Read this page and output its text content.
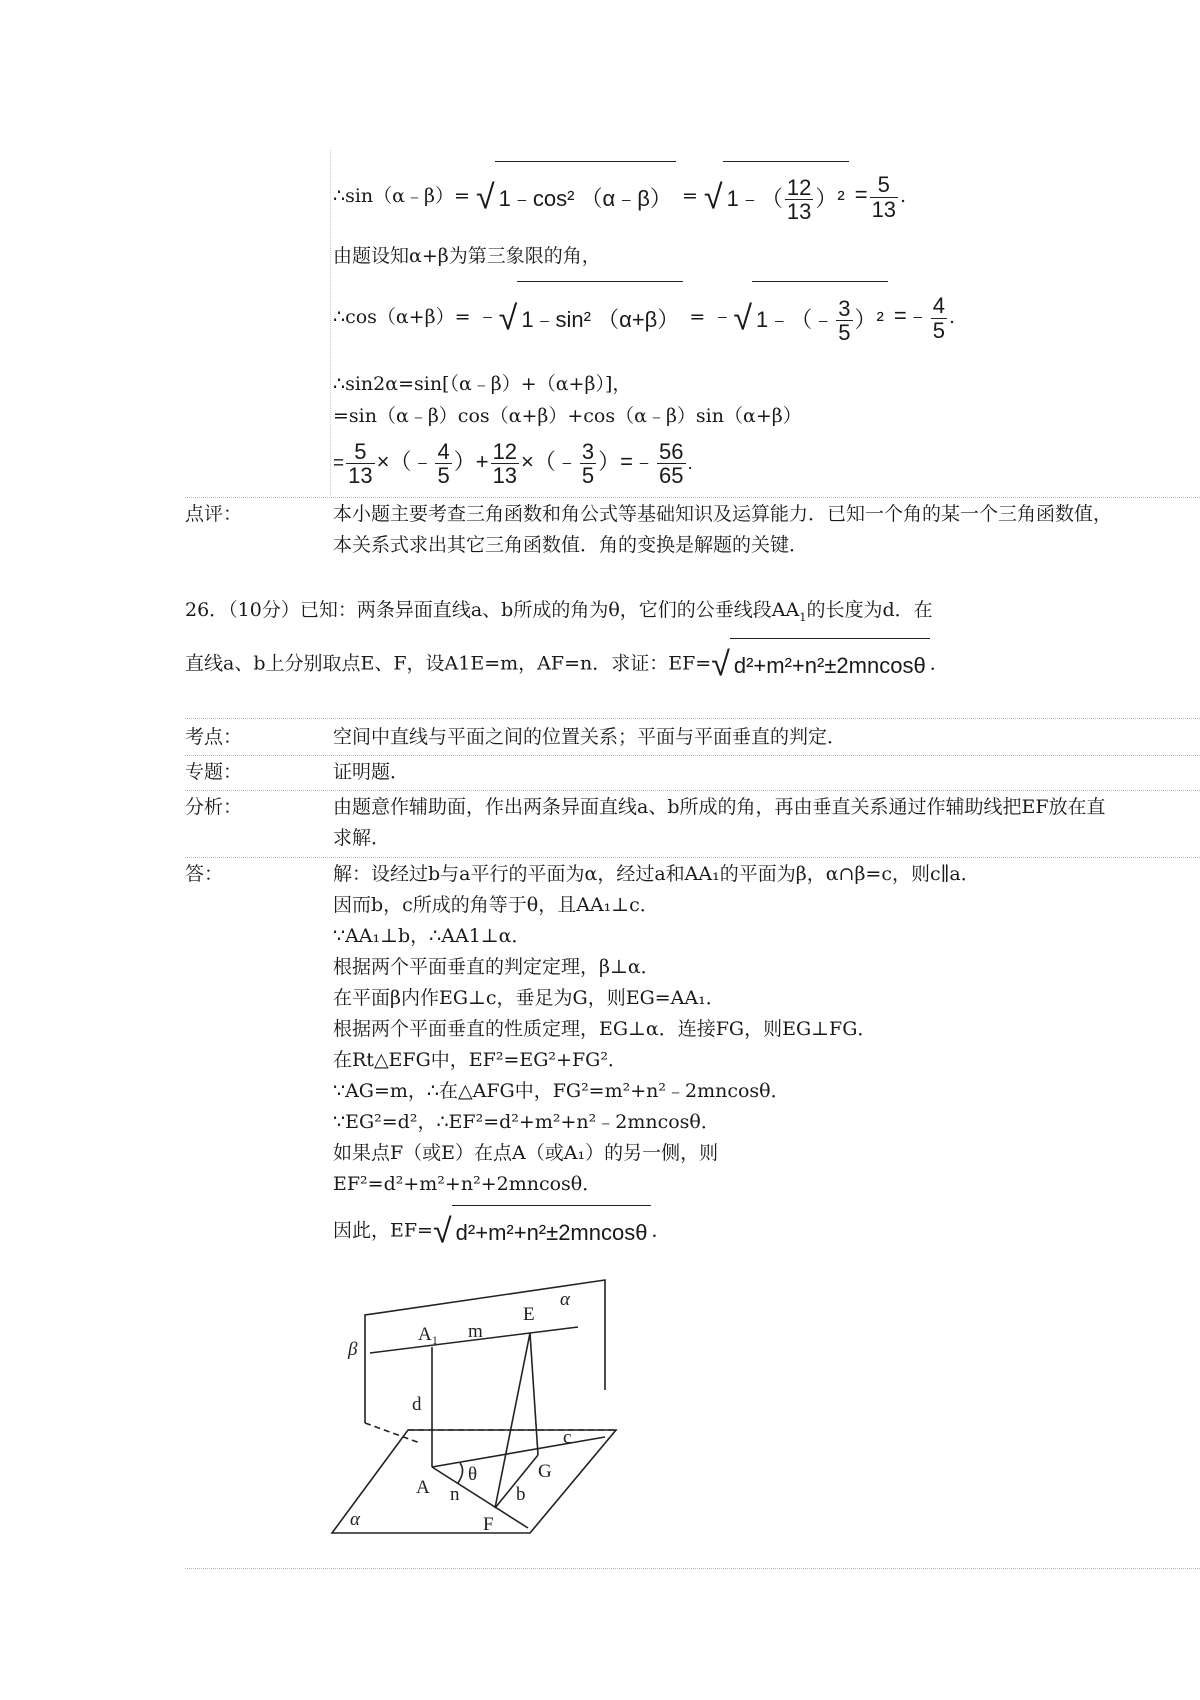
∴sin（α﹣β）= √ 1﹣cos² （α﹣β） = √ 1﹣（ $\frac{12}{13} )^2 = \frac{5}{13}$ .
由题设知α+β为第三象限的角，
∴cos（α+β）= ﹣√ 1﹣sin² （α+β） = ﹣√ 1﹣（﹣ $\frac{3}{5} )^2$ =﹣ $\frac{4}{5}$ .
∴sin2α=sin[（α﹣β）+（α+β）]，
=sin（α﹣β）cos（α+β）+cos（α﹣β）sin（α+β）
= $\frac{5}{13}$ ×（﹣ $\frac{4}{5}$ ）+ $\frac{12}{13}$ ×（﹣ $\frac{3}{5}$ ）=﹣ $\frac{56}{65}$ .
点评：	本小题主要考查三角函数和角公式等基础知识及运算能力．已知一个角的某一个三角函数值，
本关系式求出其它三角函数值．角的变换是解题的关键．
26．（10分）已知：两条异面直线a、b所成的角为θ，它们的公垂线段$AA_1$的长度为d．在
直线a、b上分别取点E、F，设A1E=m，AF=n．求证：EF=√ d²+m²+n²±2mncosθ ．
考点：	空间中直线与平面之间的位置关系；平面与平面垂直的判定．
专题：	证明题．
分析：	由题意作辅助面，作出两条异面直线a、b所成的角，再由垂直关系通过作辅助线把EF放在直
求解．
答：	解：设经过b与a平行的平面为α，经过a和AA₁的平面为β，α∩β=c，则c∥a．
因而b，c所成的角等于θ，且AA₁⊥c．
∵AA₁⊥b，∴AA1⊥α．
根据两个平面垂直的判定定理，β⊥α．
在平面β内作EG⊥c，垂足为G，则EG=AA₁．
根据两个平面垂直的性质定理，EG⊥α．连接FG，则EG⊥FG．
在Rt△EFG中，EF²=EG²+FG²．
∵AG=m，∴在△AFG中，FG²=m²+n²﹣2mncosθ．
∵EG²=d²，∴EF²=d²+m²+n²﹣2mncosθ．
如果点F（或E）在点A（或A₁）的另一侧，则
EF²=d²+m²+n²+2mncosθ．
因此，EF=√ d²+m²+n²±2mncosθ ．
α
β
A₁ m
E
d
c
θ	G
A n
F
b
α
